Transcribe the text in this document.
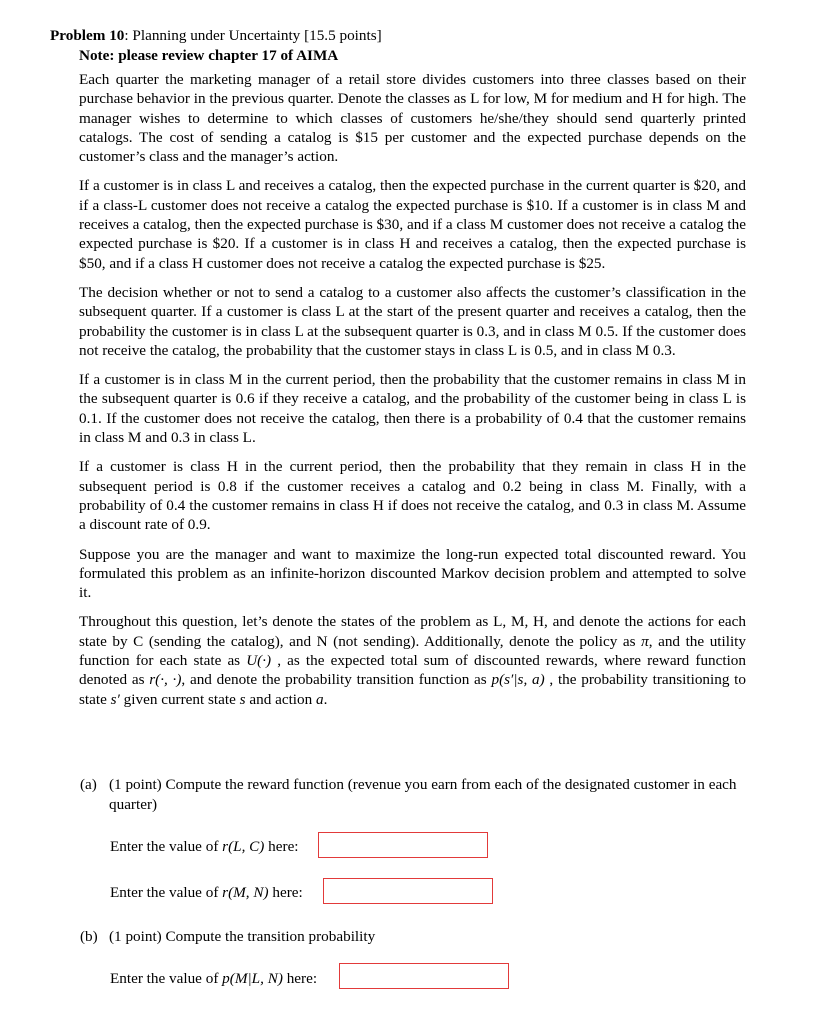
Problem 10: Planning under Uncertainty [15.5 points]
Note: please review chapter 17 of AIMA

Each quarter the marketing manager of a retail store divides customers into three classes based on their purchase behavior in the previous quarter. Denote the classes as L for low, M for medium and H for high. The manager wishes to determine to which classes of customers he/she/they should send quarterly printed catalogs. The cost of sending a catalog is $15 per customer and the expected purchase depends on the customer’s class and the manager’s action.

If a customer is in class L and receives a catalog, then the expected purchase in the current quarter is $20, and if a class-L customer does not receive a catalog the expected purchase is $10. If a customer is in class M and receives a catalog, then the expected purchase is $30, and if a class M customer does not receive a catalog the expected purchase is $20. If a customer is in class H and receives a catalog, then the expected purchase is $50, and if a class H customer does not receive a catalog the expected purchase is $25.

The decision whether or not to send a catalog to a customer also affects the customer’s classification in the subsequent quarter. If a customer is class L at the start of the present quarter and receives a catalog, then the probability the customer is in class L at the subsequent quarter is 0.3, and in class M 0.5. If the customer does not receive the catalog, the probability that the customer stays in class L is 0.5, and in class M 0.3.

If a customer is in class M in the current period, then the probability that the customer remains in class M in the subsequent quarter is 0.6 if they receive a catalog, and the probability of the customer being in class L is 0.1. If the customer does not receive the catalog, then there is a probability of 0.4 that the customer remains in class M and 0.3 in class L.

If a customer is class H in the current period, then the probability that they remain in class H in the subsequent period is 0.8 if the customer receives a catalog and 0.2 being in class M. Finally, with a probability of 0.4 the customer remains in class H if does not receive the catalog, and 0.3 in class M. Assume a discount rate of 0.9.

Suppose you are the manager and want to maximize the long-run expected total discounted reward. You formulated this problem as an infinite-horizon discounted Markov decision problem and attempted to solve it.

Throughout this question, let’s denote the states of the problem as L, M, H, and denote the actions for each state by C (sending the catalog), and N (not sending). Additionally, denote the policy as π, and the utility function for each state as U(·) , as the expected total sum of discounted rewards, where reward function denoted as r(·, ·), and denote the probability transition function as p(s′|s, a) , the probability transitioning to state s′ given current state s and action a.

(a) (1 point) Compute the reward function (revenue you earn from each of the designated customer in each quarter)
Enter the value of r(L, C) here:
Enter the value of r(M, N) here:
(b) (1 point) Compute the transition probability
Enter the value of p(M|L, N) here:
